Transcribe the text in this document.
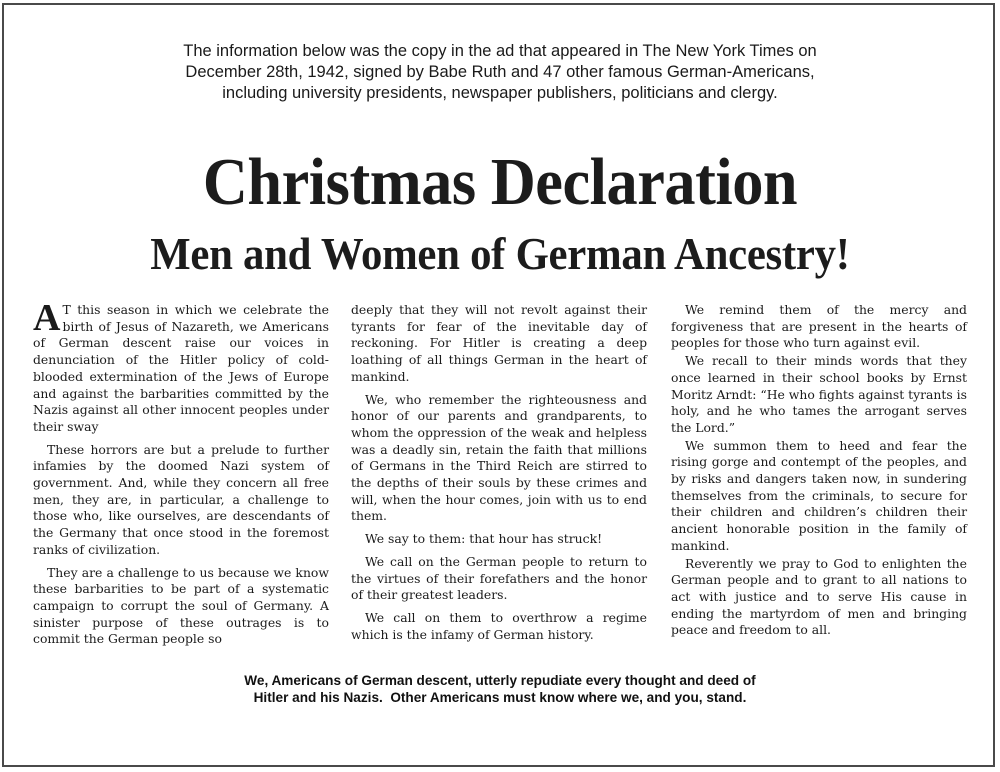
The information below was the copy in the ad that appeared in The New York Times on
December 28th, 1942, signed by Babe Ruth and 47 other famous German-Americans,
including university presidents, newspaper publishers, politicians and clergy.
Christmas Declaration
Men and Women of German Ancestry!

A T this season in which we celebrate the birth of Jesus of Nazareth, we Americans of German descent raise our voices in denunciation of the Hitler policy of cold-blooded extermination of the Jews of Europe and against the barbarities committed by the Nazis against all other innocent peoples under their sway

These horrors are but a prelude to further infamies by the doomed Nazi system of government. And, while they concern all free men, they are, in particular, a challenge to those who, like ourselves, are descendants of the Germany that once stood in the foremost ranks of civilization.

They are a challenge to us because we know these barbarities to be part of a systematic campaign to corrupt the soul of Germany. A sinister purpose of these outrages is to commit the German people so

deeply that they will not revolt against their tyrants for fear of the inevitable day of reckoning. For Hitler is creating a deep loathing of all things German in the heart of mankind.

We, who remember the righteousness and honor of our parents and grandparents, to whom the oppression of the weak and helpless was a deadly sin, retain the faith that millions of Germans in the Third Reich are stirred to the depths of their souls by these crimes and will, when the hour comes, join with us to end them.

We say to them: that hour has struck!

We call on the German people to return to the virtues of their forefathers and the honor of their greatest leaders.

We call on them to overthrow a regime which is the infamy of German history.

We remind them of the mercy and forgiveness that are present in the hearts of peoples for those who turn against evil.

We recall to their minds words that they once learned in their school books by Ernst Moritz Arndt: “He who fights against tyrants is holy, and he who tames the arrogant serves the Lord.”

We summon them to heed and fear the rising gorge and contempt of the peoples, and by risks and dangers taken now, in sundering themselves from the criminals, to secure for their children and children’s children their ancient honorable position in the family of mankind.

Reverently we pray to God to enlighten the German people and to grant to all nations to act with justice and to serve His cause in ending the martyrdom of men and bringing peace and freedom to all.

We, Americans of German descent, utterly repudiate every thought and deed of
Hitler and his Nazis.  Other Americans must know where we, and you, stand.
